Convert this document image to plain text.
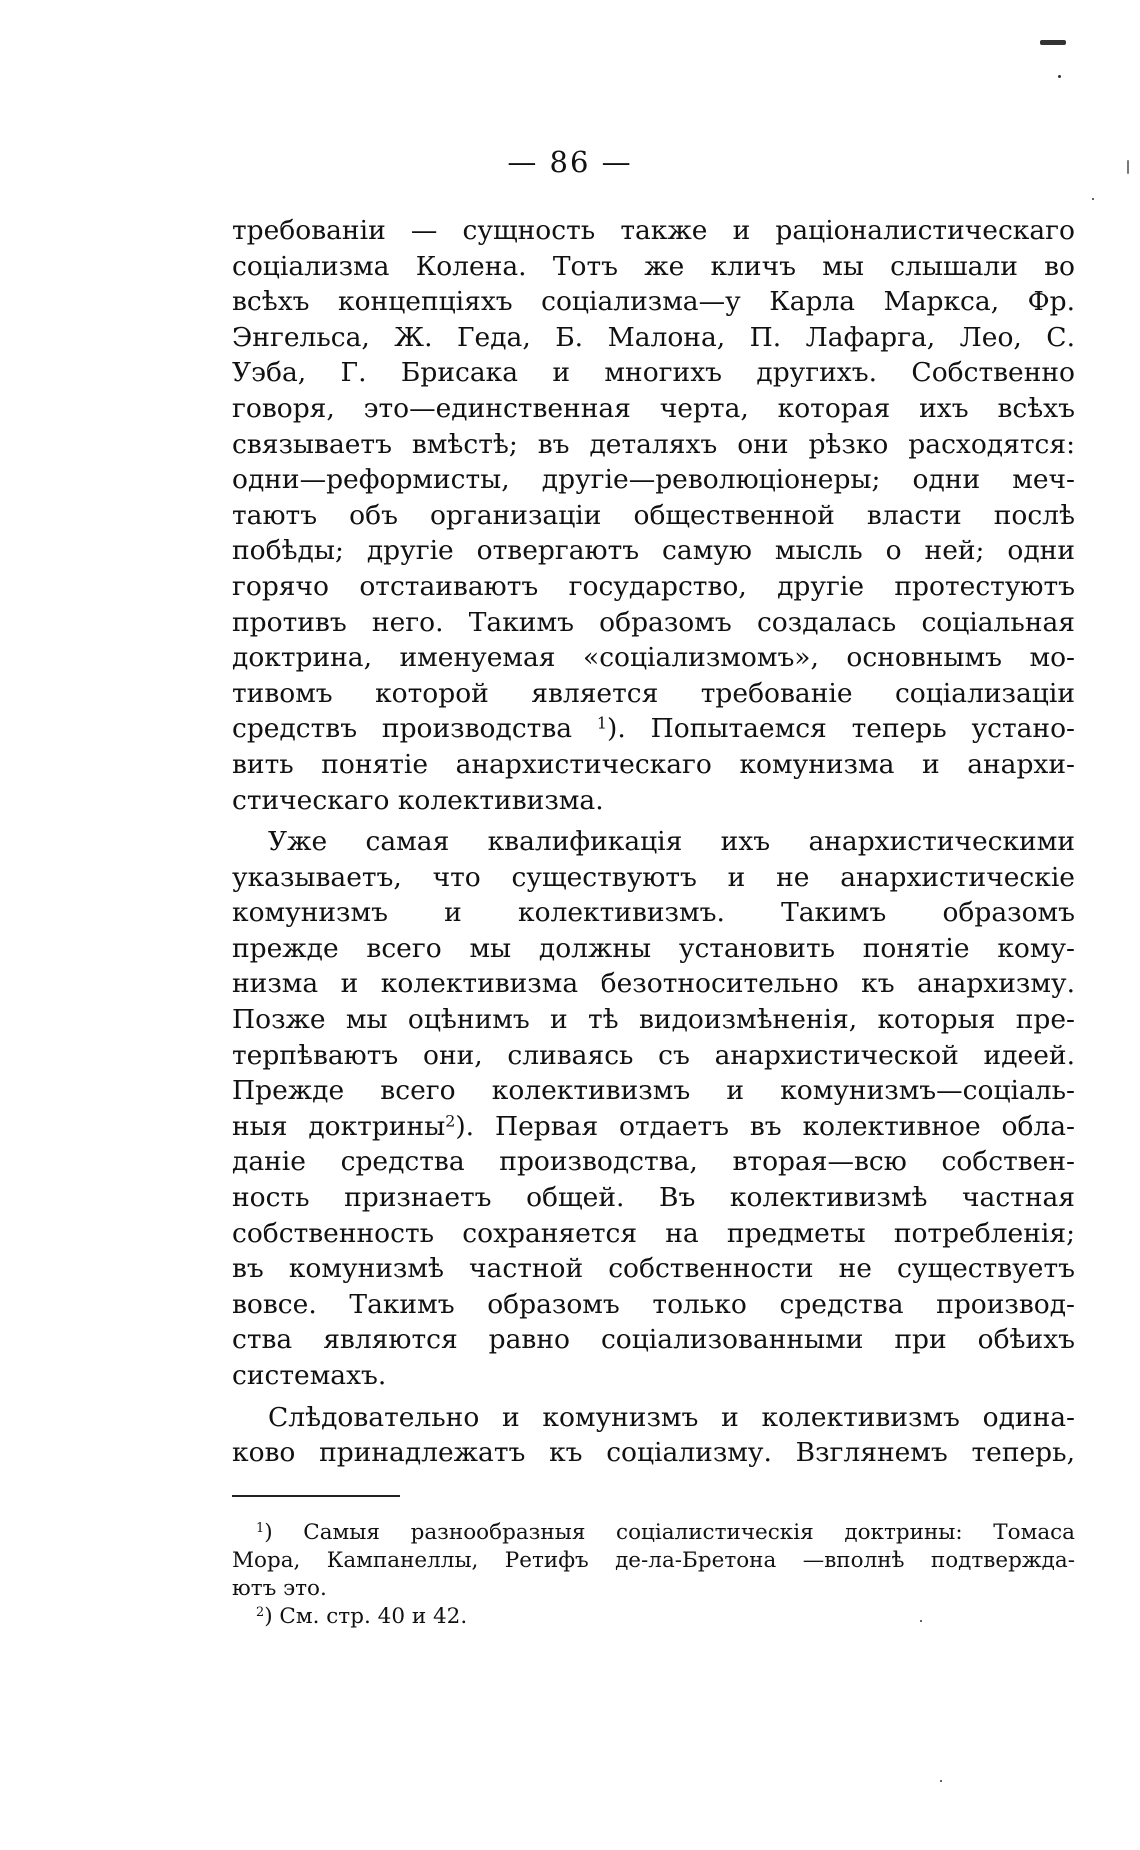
— 86 —
требованіи — сущность также и раціоналистическаго
соціализма Колена. Тотъ же кличъ мы слышали во
всѣхъ концепціяхъ соціализма—у Карла Маркса, Фр.
Энгельса, Ж. Геда, Б. Малона, П. Лафарга, Лео, С.
Уэба, Г. Брисака и многихъ другихъ. Собственно
говоря, это—единственная черта, которая ихъ всѣхъ
связываетъ вмѣстѣ; въ деталяхъ они рѣзко расходятся:
одни—реформисты, другіе—революціонеры; одни меч-
таютъ объ организаціи общественной власти послѣ
побѣды; другіе отвергаютъ самую мысль о ней; одни
горячо отстаиваютъ государство, другіе протестуютъ
противъ него. Такимъ образомъ создалась соціальная
доктрина, именуемая «соціализмомъ», основнымъ мо-
тивомъ которой является требованіе соціализаціи
средствъ производства $^1$). Попытаемся теперь устано-
вить понятіе анархистическаго комунизма и анархи-
стическаго колективизма.
Уже самая квалификація ихъ анархистическими
указываетъ, что существуютъ и не анархистическіе
комунизмъ и колективизмъ. Такимъ образомъ
прежде всего мы должны установить понятіе кому-
низма и колективизма безотносительно къ анархизму.
Позже мы оцѣнимъ и тѣ видоизмѣненія, которыя пре-
терпѣваютъ они, сливаясь съ анархистической идеей.
Прежде всего колективизмъ и комунизмъ—соціаль-
ныя доктрины$^2$). Первая отдаетъ въ колективное обла-
даніе средства производства, вторая—всю собствен-
ность признаетъ общей. Въ колективизмѣ частная
собственность сохраняется на предметы потребленія;
въ комунизмѣ частной собственности не существуетъ
вовсе. Такимъ образомъ только средства производ-
ства являются равно соціализованными при обѣихъ
системахъ.
Слѣдовательно и комунизмъ и колективизмъ одина-
ково принадлежатъ къ соціализму. Взглянемъ теперь,
$^1$) Самыя разнообразныя соціалистическія доктрины: Томаса
Мора, Кампанеллы, Ретифъ де-ла-Бретона —вполнѣ подтвержда-
ютъ это.
$^2$) См. стр. 40 и 42.
